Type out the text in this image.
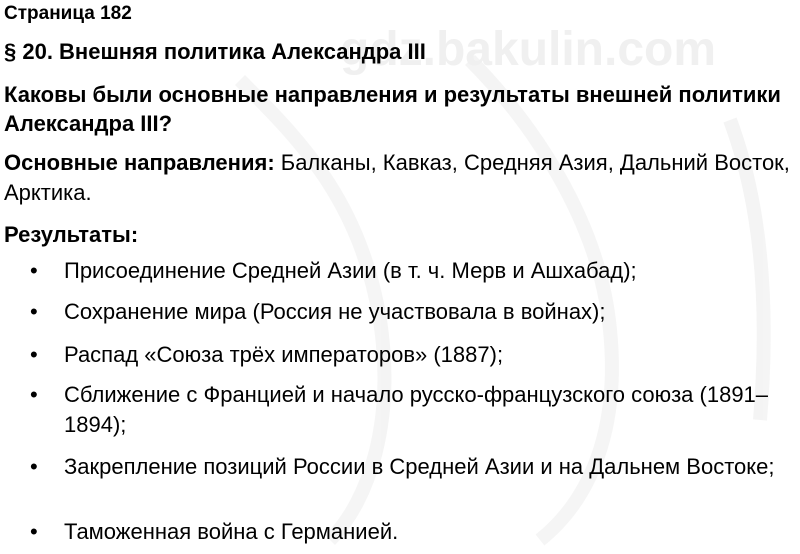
gdz.bakulin.com
Страница 182
§ 20. Внешняя политика Александра III
Каковы были основные направления и результаты внешней политики Александра III?
Основные направления: Балканы, Кавказ, Средняя Азия, Дальний Восток, Арктика.
Результаты:
• Присоединение Средней Азии (в т. ч. Мерв и Ашхабад);
• Сохранение мира (Россия не участвовала в войнах);
• Распад «Союза трёх императоров» (1887);
• Сближение с Францией и начало русско-французского союза (1891–1894);
• Закрепление позиций России в Средней Азии и на Дальнем Востоке;
• Таможенная война с Германией.
